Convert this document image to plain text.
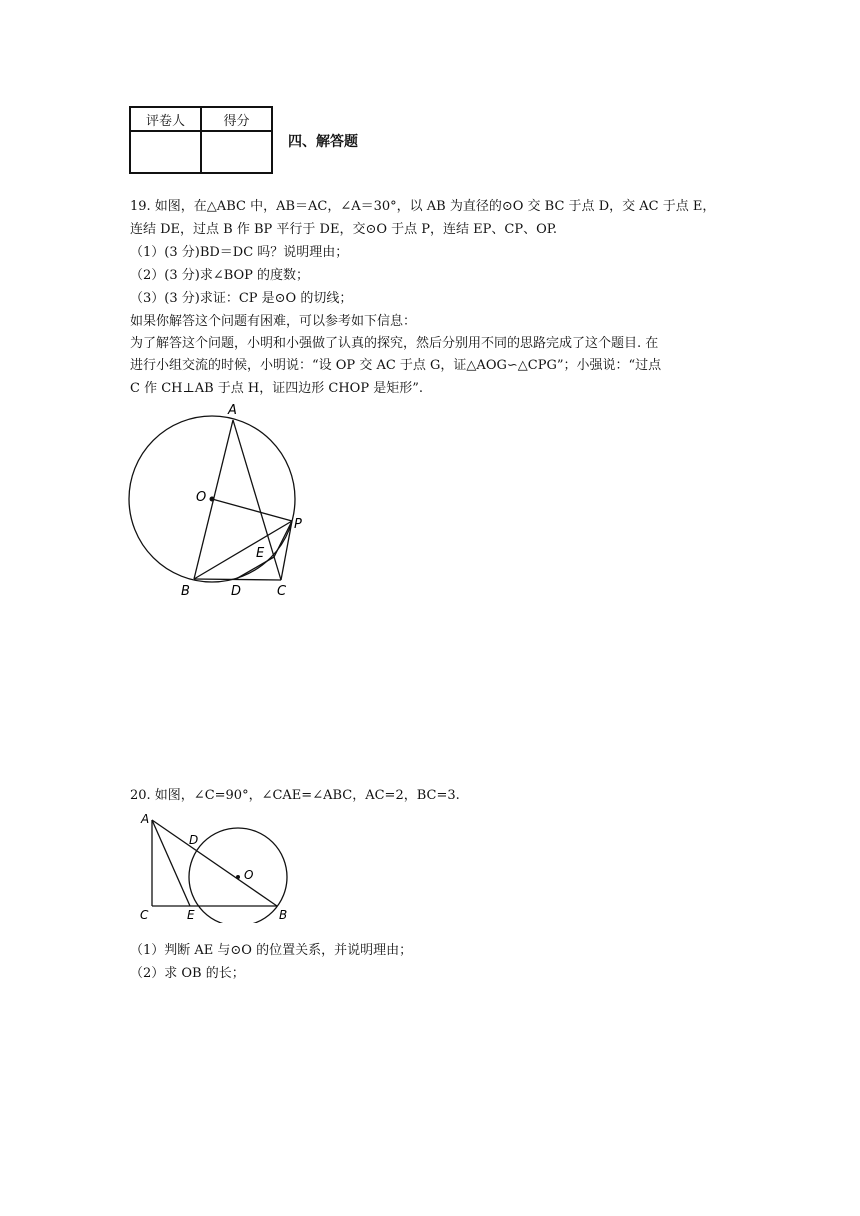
评卷人	得分

四、解答题
19. 如图，在△ABC 中，AB＝AC，∠A＝30°，以 AB 为直径的⊙O 交 BC 于点 D，交 AC 于点 E，
连结 DE，过点 B 作 BP 平行于 DE，交⊙O 于点 P，连结 EP、CP、OP.
（1）(3 分)BD＝DC 吗？说明理由；
（2）(3 分)求∠BOP 的度数；
（3）(3 分)求证：CP 是⊙O 的切线；
如果你解答这个问题有困难，可以参考如下信息：
为了解答这个问题，小明和小强做了认真的探究，然后分别用不同的思路完成了这个题目. 在
进行小组交流的时候，小明说：“设 OP 交 AC 于点 G，证△AOG∽△CPG”；小强说：“过点
C 作 CH⊥AB 于点 H，证四边形 CHOP 是矩形”.
A
O
P
E
B	D	C
20. 如图，∠C=90°，∠CAE=∠ABC，AC=2，BC=3.
A
D
O
C	E	B
（1）判断 AE 与⊙O 的位置关系，并说明理由；
（2）求 OB 的长；
